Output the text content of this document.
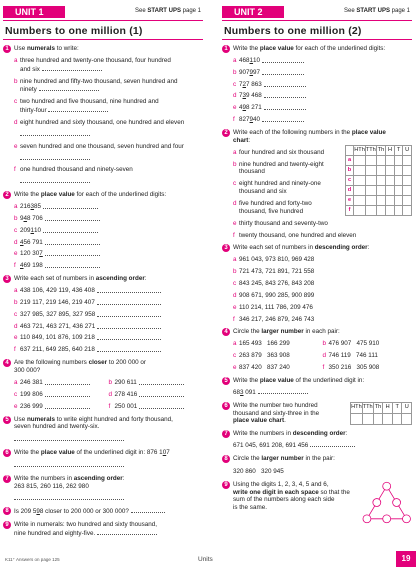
UNIT 1	See START UPS page 1
Numbers to one million (1)
1 Use numerals to write:

a three hundred and twenty-one thousand, four hundred
and six
b nine hundred and fifty-two thousand, seven hundred and
ninety
c two hundred and five thousand, nine hundred and
thirty-four
d eight hundred and sixty thousand, one hundred and eleven

e seven hundred and one thousand, seven hundred and four

f one hundred thousand and ninety-seven

2 Write the place value for each of the underlined digits:

a 216 3 85

b 9 4 8 706

c 209 1 10

d 4 56 791

e 120 30 7

f 4 69 198

3 Write each set of numbers in ascending order:

a 438 106, 429 119, 436 408

b 219 117, 219 146, 219 407

c 327 985, 327 895, 327 958

d 463 721, 463 271, 436 271

e 110 849, 101 876, 109 218

f 637 211, 649 285, 640 218

4 Are the following numbers closer to 200 000 or
300 000?

a 246 381
	b 290 611

c 199 806
	d 278 416

e 236 999
	f 250 001

5 Use numerals to write eight hundred and forty thousand,
seven hundred and twenty-six.

6 Write the place value of the underlined digit in: 876 107

7 Write the numbers in ascending order:
263 815, 260 116, 262 980

8 Is 209 598 closer to 200 000 or 300 000?

9 Write in numerals: two hundred and sixty thousand,
nine hundred and eighty-five.

UNIT 2	See START UPS page 1
Numbers to one million (2)
1 Write the place value for each of the underlined digits:

a 468 1 10

b 907 9 97

c 7 2 7 863

d 7 3 9 468

e 4 9 8 271

f 827 9 40

2 Write each of the following numbers in the place value
chart:

a four hundred and six thousand
b nine hundred and twenty-eight
thousand
c eight hundred and ninety-one
thousand and six
d five hundred and forty-two
thousand, five hundred
	HTh	TTh	Th	H	T	U
a						
b						
c						
d						
e						
f						
e thirty thousand and seventy-two
f twenty thousand, one hundred and eleven
3 Write each set of numbers in descending order:

a 961 043, 973 810, 969 428
b 721 473, 721 891, 721 558
c 843 245, 843 276, 843 208
d 908 671, 990 285, 900 899
e 110 214, 111 786, 209 476
f 346 217, 246 879, 246 743
4 Circle the larger number in each pair:

a 165 493   166 299	b 476 907   475 910
c 263 879   363 908	d 746 119   746 111
e 837 420   837 240	f 350 216   305 908
5 Write the place value of the underlined digit in:

683 091

6 Write the number two hundred
thousand and sixty-three in the
place value chart.

HTh	TTh	Th	H	T	U

7 Write the numbers in descending order:

671 045, 691 208, 691 456

8 Circle the larger number in the pair:

320 860   320 945

9 Using the digits 1, 2, 3, 4, 5 and 6,
write one digit in each space so that the
sum of the numbers along each side
is the same.

K11⁺ Answers on page 125	Units	19
